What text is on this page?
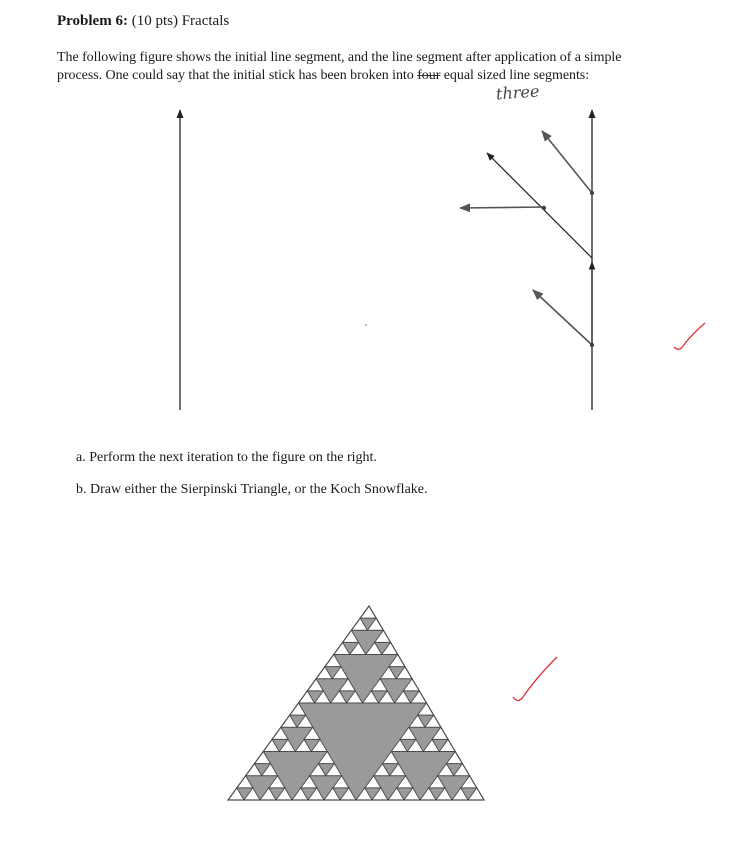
Problem 6: (10 pts) Fractals
The following figure shows the initial line segment, and the line segment after application of a simple
process. One could say that the initial stick has been broken into four equal sized line segments:
three
a. Perform the next iteration to the figure on the right.
b. Draw either the Sierpinski Triangle, or the Koch Snowflake.
